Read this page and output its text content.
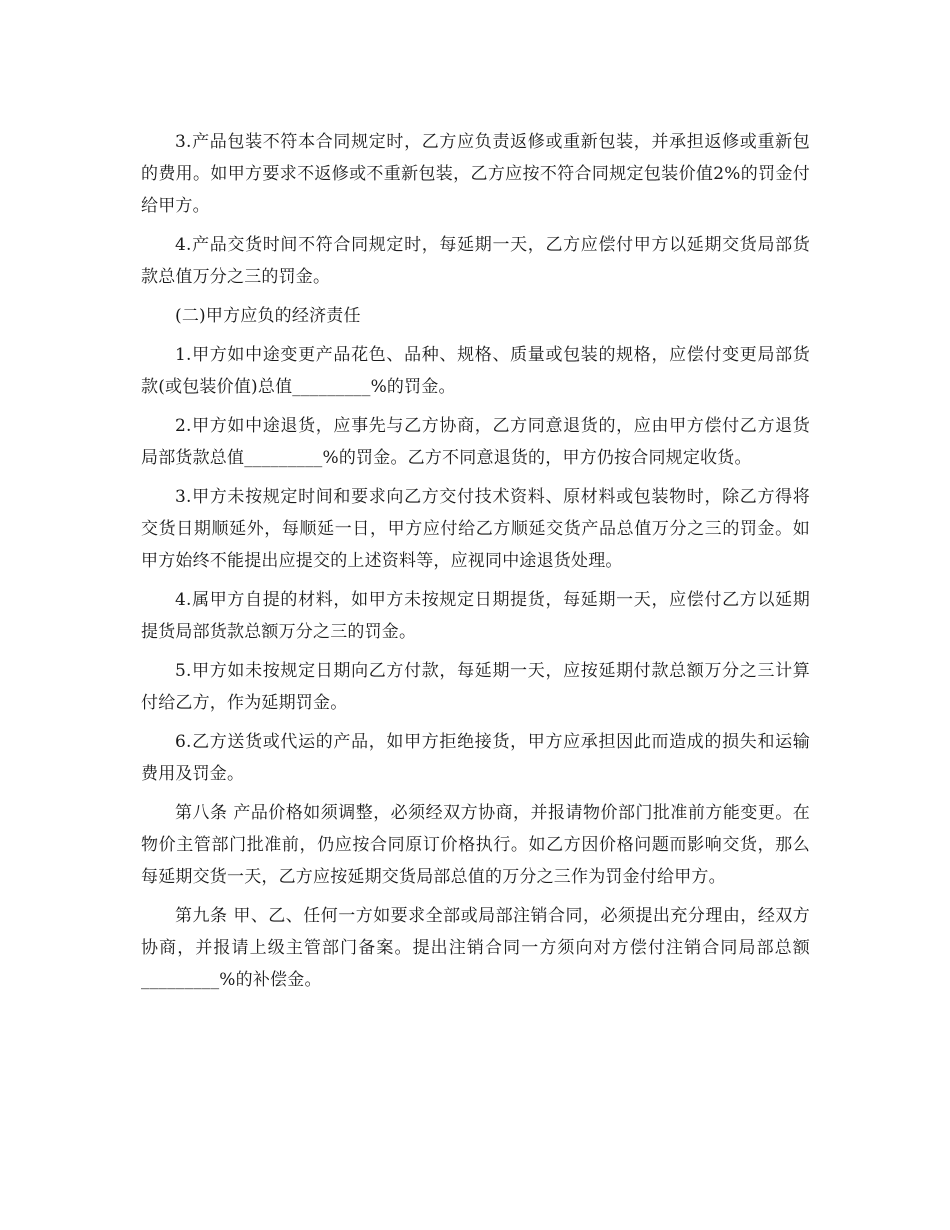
3.产品包装不符本合同规定时，乙方应负责返修或重新包装，并承担返修或重新包的费用。如甲方要求不返修或不重新包装，乙方应按不符合同规定包装价值2%的罚金付给甲方。

4.产品交货时间不符合同规定时，每延期一天，乙方应偿付甲方以延期交货局部货款总值万分之三的罚金。

(二)甲方应负的经济责任

1.甲方如中途变更产品花色、品种、规格、质量或包装的规格，应偿付变更局部货款(或包装价值)总值_________%的罚金。

2.甲方如中途退货，应事先与乙方协商，乙方同意退货的，应由甲方偿付乙方退货局部货款总值_________%的罚金。乙方不同意退货的，甲方仍按合同规定收货。

3.甲方未按规定时间和要求向乙方交付技术资料、原材料或包装物时，除乙方得将交货日期顺延外，每顺延一日，甲方应付给乙方顺延交货产品总值万分之三的罚金。如甲方始终不能提出应提交的上述资料等，应视同中途退货处理。

4.属甲方自提的材料，如甲方未按规定日期提货，每延期一天，应偿付乙方以延期提货局部货款总额万分之三的罚金。

5.甲方如未按规定日期向乙方付款，每延期一天，应按延期付款总额万分之三计算付给乙方，作为延期罚金。

6.乙方送货或代运的产品，如甲方拒绝接货，甲方应承担因此而造成的损失和运输费用及罚金。

第八条 产品价格如须调整，必须经双方协商，并报请物价部门批准前方能变更。在物价主管部门批准前，仍应按合同原订价格执行。如乙方因价格问题而影响交货，那么每延期交货一天，乙方应按延期交货局部总值的万分之三作为罚金付给甲方。

第九条 甲、乙、任何一方如要求全部或局部注销合同，必须提出充分理由，经双方协商，并报请上级主管部门备案。提出注销合同一方须向对方偿付注销合同局部总额_________%的补偿金。
